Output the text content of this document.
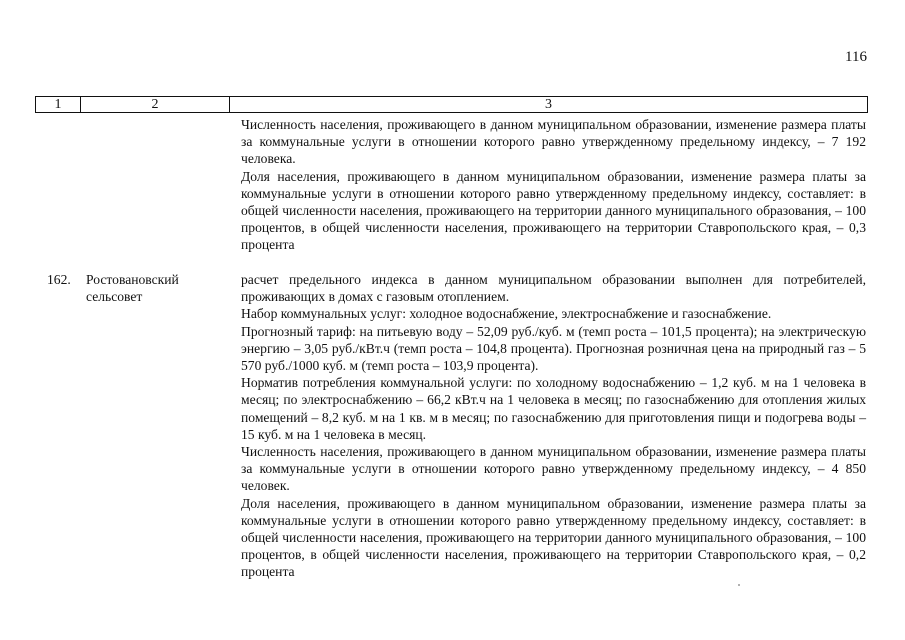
116
1	2	3

Численность населения, проживающего в данном муниципальном образовании, изменение размера платы за коммунальные услуги в отношении которого равно утвержденному предельному индексу, – 7 192 человека.

Доля населения, проживающего в данном муниципальном образовании, изменение размера платы за коммунальные услуги в отношении которого равно утвержденному предельному индексу, составляет: в общей численности населения, проживающего на территории данного муниципального образования, – 100 процентов, в общей численности населения, проживающего на территории Ставропольского края, – 0,3 процента

162. Ростовановский
сельсовет

расчет предельного индекса в данном муниципальном образовании выполнен для потребителей, проживающих в домах с газовым отоплением.

Набор коммунальных услуг: холодное водоснабжение, электроснабжение и газоснабжение.

Прогнозный тариф: на питьевую воду – 52,09 руб./куб. м (темп роста – 101,5 процента); на электрическую энергию – 3,05 руб./кВт.ч (темп роста – 104,8 процента). Прогнозная розничная цена на природный газ – 5 570 руб./1000 куб. м (темп роста – 103,9 процента).

Норматив потребления коммунальной услуги: по холодному водоснабжению – 1,2 куб. м на 1 человека в месяц; по электроснабжению – 66,2 кВт.ч на 1 человека в месяц; по газоснабжению для отопления жилых помещений – 8,2 куб. м на 1 кв. м в месяц; по газоснабжению для приготовления пищи и подогрева воды – 15 куб. м на 1 человека в месяц.

Численность населения, проживающего в данном муниципальном образовании, изменение размера платы за коммунальные услуги в отношении которого равно утвержденному предельному индексу, – 4 850 человек.

Доля населения, проживающего в данном муниципальном образовании, изменение размера платы за коммунальные услуги в отношении которого равно утвержденному предельному индексу, составляет: в общей численности населения, проживающего на территории данного муниципального образования, – 100 процентов, в общей численности населения, проживающего на территории Ставропольского края, – 0,2 процента
